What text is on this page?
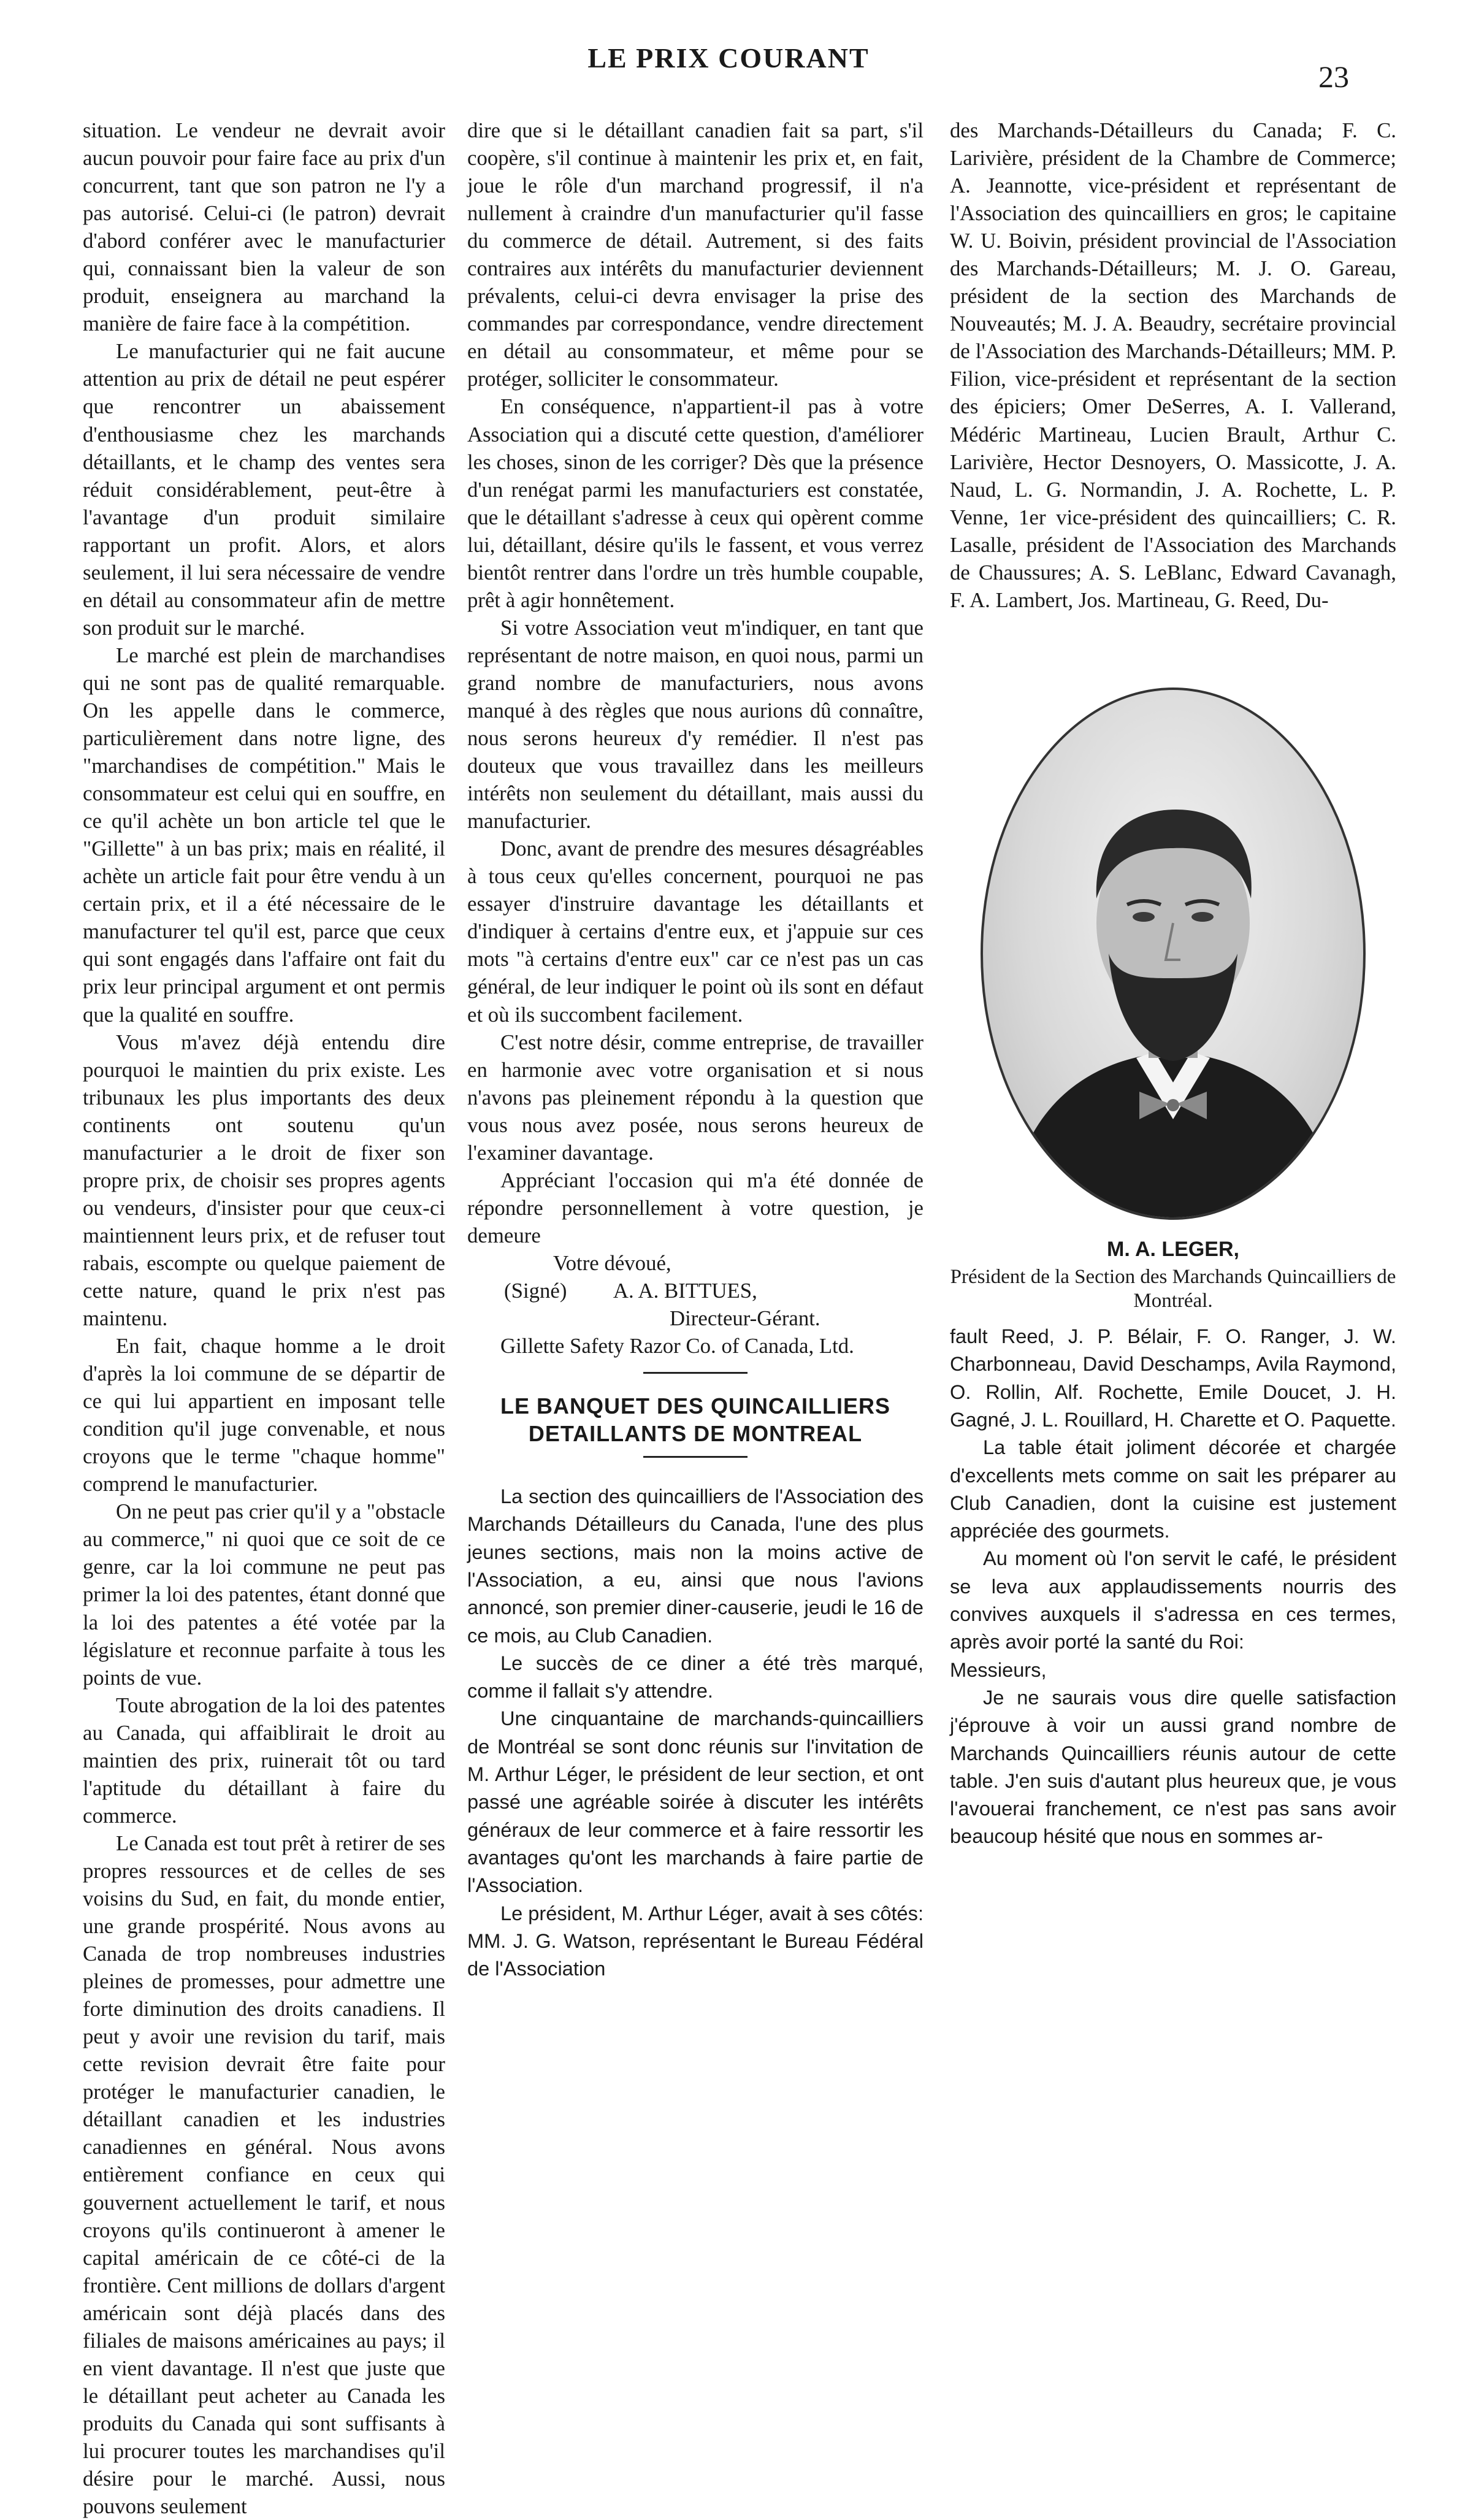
LE PRIX COURANT
23

situation. Le vendeur ne devrait avoir aucun pouvoir pour faire face au prix d'un concurrent, tant que son patron ne l'y a pas autorisé. Celui-ci (le patron) devrait d'abord conférer avec le manufacturier qui, connaissant bien la valeur de son produit, enseignera au marchand la manière de faire face à la compétition.

Le manufacturier qui ne fait aucune attention au prix de détail ne peut espérer que rencontrer un abaissement d'enthousiasme chez les marchands détaillants, et le champ des ventes sera réduit considérablement, peut-être à l'avantage d'un produit similaire rapportant un profit. Alors, et alors seulement, il lui sera nécessaire de vendre en détail au consommateur afin de mettre son produit sur le marché.

Le marché est plein de marchandises qui ne sont pas de qualité remarquable. On les appelle dans le commerce, particulièrement dans notre ligne, des "marchandises de compétition." Mais le consommateur est celui qui en souffre, en ce qu'il achète un bon article tel que le "Gillette" à un bas prix; mais en réalité, il achète un article fait pour être vendu à un certain prix, et il a été nécessaire de le manufacturer tel qu'il est, parce que ceux qui sont engagés dans l'affaire ont fait du prix leur principal argument et ont permis que la qualité en souffre.

Vous m'avez déjà entendu dire pourquoi le maintien du prix existe. Les tribunaux les plus importants des deux continents ont soutenu qu'un manufacturier a le droit de fixer son propre prix, de choisir ses propres agents ou vendeurs, d'insister pour que ceux-ci maintiennent leurs prix, et de refuser tout rabais, escompte ou quelque paiement de cette nature, quand le prix n'est pas maintenu.

En fait, chaque homme a le droit d'après la loi commune de se départir de ce qui lui appartient en imposant telle condition qu'il juge convenable, et nous croyons que le terme "chaque homme" comprend le manufacturier.

On ne peut pas crier qu'il y a "obstacle au commerce," ni quoi que ce soit de ce genre, car la loi commune ne peut pas primer la loi des patentes, étant donné que la loi des patentes a été votée par la législature et reconnue parfaite à tous les points de vue.

Toute abrogation de la loi des patentes au Canada, qui affaiblirait le droit au maintien des prix, ruinerait tôt ou tard l'aptitude du détaillant à faire du commerce.

Le Canada est tout prêt à retirer de ses propres ressources et de celles de ses voisins du Sud, en fait, du monde entier, une grande prospérité. Nous avons au Canada de trop nombreuses industries pleines de promesses, pour admettre une forte diminution des droits canadiens. Il peut y avoir une revision du tarif, mais cette revision devrait être faite pour protéger le manufacturier canadien, le détaillant canadien et les industries canadiennes en général. Nous avons entièrement confiance en ceux qui gouvernent actuellement le tarif, et nous croyons qu'ils continueront à amener le capital américain de ce côté-ci de la frontière. Cent millions de dollars d'argent américain sont déjà placés dans des filiales de maisons américaines au pays; il en vient davantage. Il n'est que juste que le détaillant peut acheter au Canada les produits du Canada qui sont suffisants à lui procurer toutes les marchandises qu'il désire pour le marché. Aussi, nous pouvons seulement

dire que si le détaillant canadien fait sa part, s'il coopère, s'il continue à maintenir les prix et, en fait, joue le rôle d'un marchand progressif, il n'a nullement à craindre d'un manufacturier qu'il fasse du commerce de détail. Autrement, si des faits contraires aux intérêts du manufacturier deviennent prévalents, celui-ci devra envisager la prise des commandes par correspondance, vendre directement en détail au consommateur, et même pour se protéger, solliciter le consommateur.

En conséquence, n'appartient-il pas à votre Association qui a discuté cette question, d'améliorer les choses, sinon de les corriger? Dès que la présence d'un renégat parmi les manufacturiers est constatée, que le détaillant s'adresse à ceux qui opèrent comme lui, détaillant, désire qu'ils le fassent, et vous verrez bientôt rentrer dans l'ordre un très humble coupable, prêt à agir honnêtement.

Si votre Association veut m'indiquer, en tant que représentant de notre maison, en quoi nous, parmi un grand nombre de manufacturiers, nous avons manqué à des règles que nous aurions dû connaître, nous serons heureux d'y remédier. Il n'est pas douteux que vous travaillez dans les meilleurs intérêts non seulement du détaillant, mais aussi du manufacturier.

Donc, avant de prendre des mesures désagréables à tous ceux qu'elles concernent, pourquoi ne pas essayer d'instruire davantage les détaillants et d'indiquer à certains d'entre eux, et j'appuie sur ces mots "à certains d'entre eux" car ce n'est pas un cas général, de leur indiquer le point où ils sont en défaut et où ils succombent facilement.

C'est notre désir, comme entreprise, de travailler en harmonie avec votre organisation et si nous n'avons pas pleinement répondu à la question que vous nous avez posée, nous serons heureux de l'examiner davantage.

Appréciant l'occasion qui m'a été donnée de répondre personnellement à votre question, je demeure

Votre dévoué,
(Signé) A. A. BITTUES,
Directeur-Gérant.
Gillette Safety Razor Co. of Canada, Ltd.
LE BANQUET DES QUINCAILLIERS DETAILLANTS DE MONTREAL

La section des quincailliers de l'Association des Marchands Détailleurs du Canada, l'une des plus jeunes sections, mais non la moins active de l'Association, a eu, ainsi que nous l'avions annoncé, son premier diner-causerie, jeudi le 16 de ce mois, au Club Canadien.

Le succès de ce diner a été très marqué, comme il fallait s'y attendre.

Une cinquantaine de marchands-quincailliers de Montréal se sont donc réunis sur l'invitation de M. Arthur Léger, le président de leur section, et ont passé une agréable soirée à discuter les intérêts généraux de leur commerce et à faire ressortir les avantages qu'ont les marchands à faire partie de l'Association.

Le président, M. Arthur Léger, avait à ses côtés: MM. J. G. Watson, représentant le Bureau Fédéral de l'Association

des Marchands-Détailleurs du Canada; F. C. Larivière, président de la Chambre de Commerce; A. Jeannotte, vice-président et représentant de l'Association des quincailliers en gros; le capitaine W. U. Boivin, président provincial de l'Association des Marchands-Détailleurs; M. J. O. Gareau, président de la section des Marchands de Nouveautés; M. J. A. Beaudry, secrétaire provincial de l'Association des Marchands-Détailleurs; MM. P. Filion, vice-président et représentant de la section des épiciers; Omer DeSerres, A. I. Vallerand, Médéric Martineau, Lucien Brault, Arthur C. Larivière, Hector Desnoyers, O. Massicotte, J. A. Naud, L. G. Normandin, J. A. Rochette, L. P. Venne, 1er vice-président des quincailliers; C. R. Lasalle, président de l'Association des Marchands de Chaussures; A. S. LeBlanc, Edward Cavanagh, F. A. Lambert, Jos. Martineau, G. Reed, Du-

M. A. LEGER,
Président de la Section des Marchands Quincailliers de Montréal.

fault Reed, J. P. Bélair, F. O. Ranger, J. W. Charbonneau, David Deschamps, Avila Raymond, O. Rollin, Alf. Rochette, Emile Doucet, J. H. Gagné, J. L. Rouillard, H. Charette et O. Paquette.

La table était joliment décorée et chargée d'excellents mets comme on sait les préparer au Club Canadien, dont la cuisine est justement appréciée des gourmets.

Au moment où l'on servit le café, le président se leva aux applaudissements nourris des convives auxquels il s'adressa en ces termes, après avoir porté la santé du Roi:

Messieurs,

Je ne saurais vous dire quelle satisfaction j'éprouve à voir un aussi grand nombre de Marchands Quincailliers réunis autour de cette table. J'en suis d'autant plus heureux que, je vous l'avouerai franchement, ce n'est pas sans avoir beaucoup hésité que nous en sommes ar-
